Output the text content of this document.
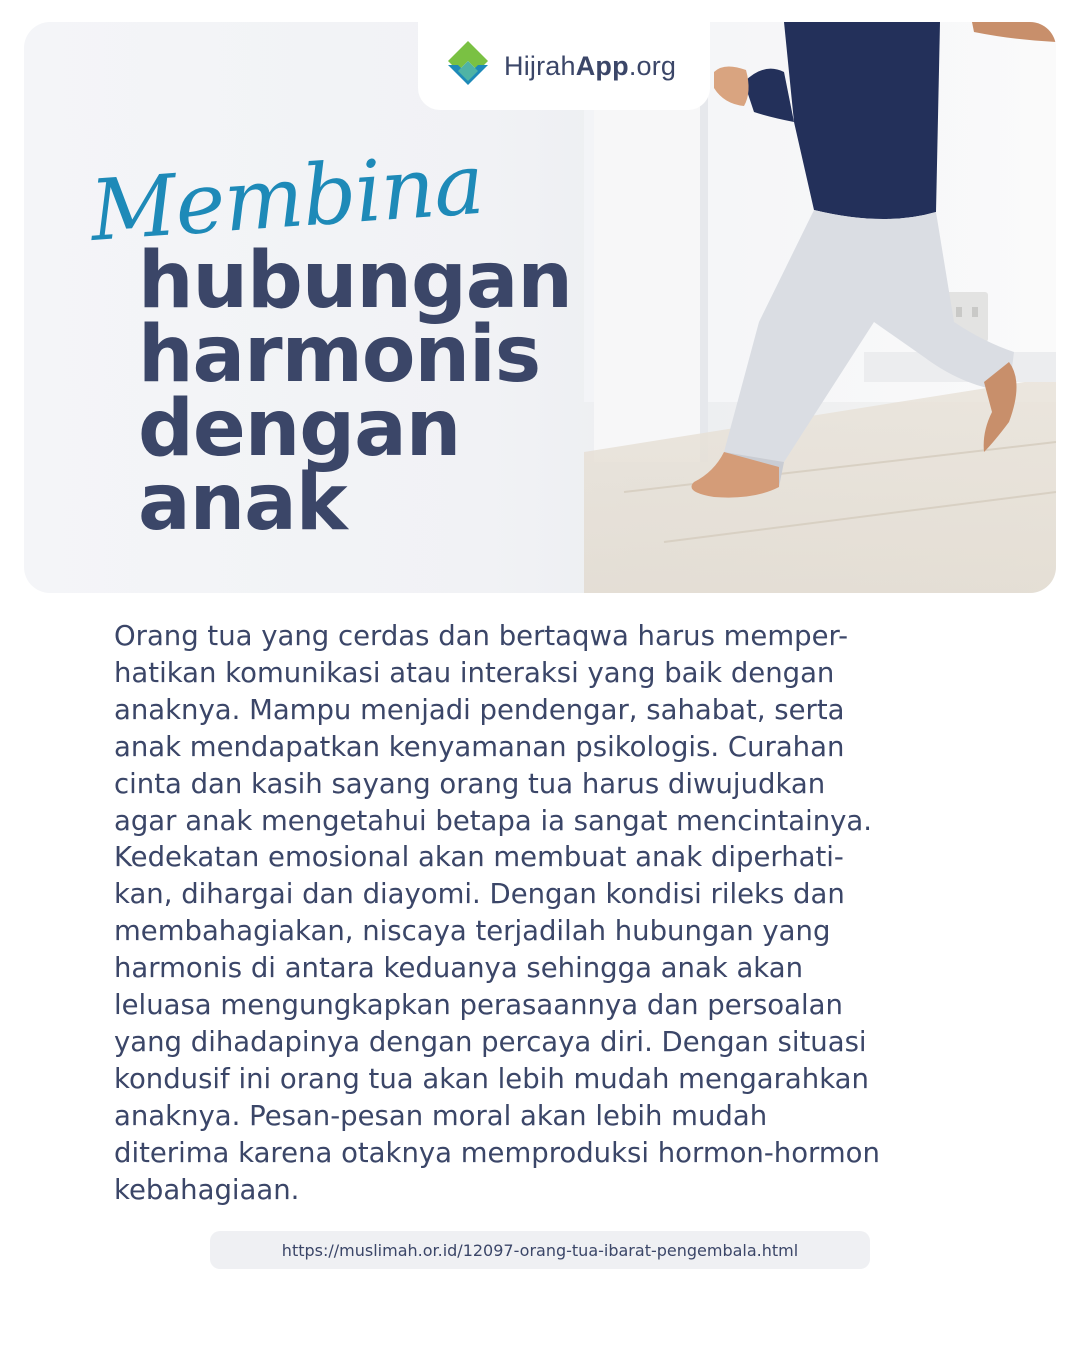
HijrahApp.org
Membina
hubungan
harmonis
dengan
anak
Orang tua yang cerdas dan bertaqwa harus memper-
hatikan komunikasi atau interaksi yang baik dengan
anaknya. Mampu menjadi pendengar, sahabat, serta
anak mendapatkan kenyamanan psikologis. Curahan
cinta dan kasih sayang orang tua harus diwujudkan
agar anak mengetahui betapa ia sangat mencintainya.
Kedekatan emosional akan membuat anak diperhati-
kan, dihargai dan diayomi. Dengan kondisi rileks dan
membahagiakan, niscaya terjadilah hubungan yang
harmonis di antara keduanya sehingga anak akan
leluasa mengungkapkan perasaannya dan persoalan
yang dihadapinya dengan percaya diri. Dengan situasi
kondusif ini orang tua akan lebih mudah mengarahkan
anaknya. Pesan-pesan moral akan lebih mudah
diterima karena otaknya memproduksi hormon-hormon
kebahagiaan.
https://muslimah.or.id/12097-orang-tua-ibarat-pengembala.html
